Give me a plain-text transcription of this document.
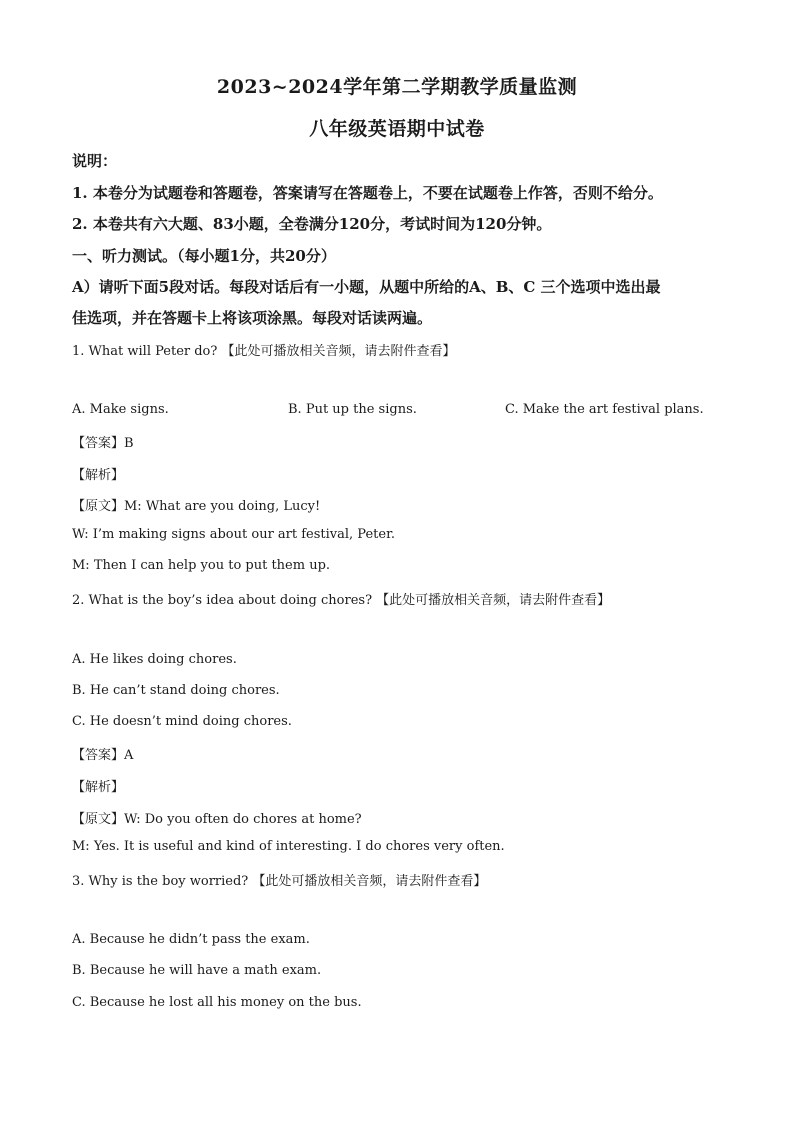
2023~2024学年第二学期教学质量监测
八年级英语期中试卷
说明：
1. 本卷分为试题卷和答题卷，答案请写在答题卷上，不要在试题卷上作答，否则不给分。
2. 本卷共有六大题、83小题，全卷满分120分，考试时间为120分钟。
一、听力测试。（每小题1分，共20分）
A）请听下面5段对话。每段对话后有一小题，从题中所给的A、B、C 三个选项中选出最
佳选项，并在答题卡上将该项涂黑。每段对话读两遍。
1. What will Peter do? 【此处可播放相关音频，请去附件查看】
A. Make signs.	B. Put up the signs.	C. Make the art festival plans.
【答案】B
【解析】
【原文】M: What are you doing, Lucy!
W: I’m making signs about our art festival, Peter.
M: Then I can help you to put them up.
2. What is the boy’s idea about doing chores? 【此处可播放相关音频，请去附件查看】
A. He likes doing chores.
B. He can’t stand doing chores.
C. He doesn’t mind doing chores.
【答案】A
【解析】
【原文】W: Do you often do chores at home?
M: Yes. It is useful and kind of interesting. I do chores very often.
3. Why is the boy worried? 【此处可播放相关音频，请去附件查看】
A. Because he didn’t pass the exam.
B. Because he will have a math exam.
C. Because he lost all his money on the bus.
